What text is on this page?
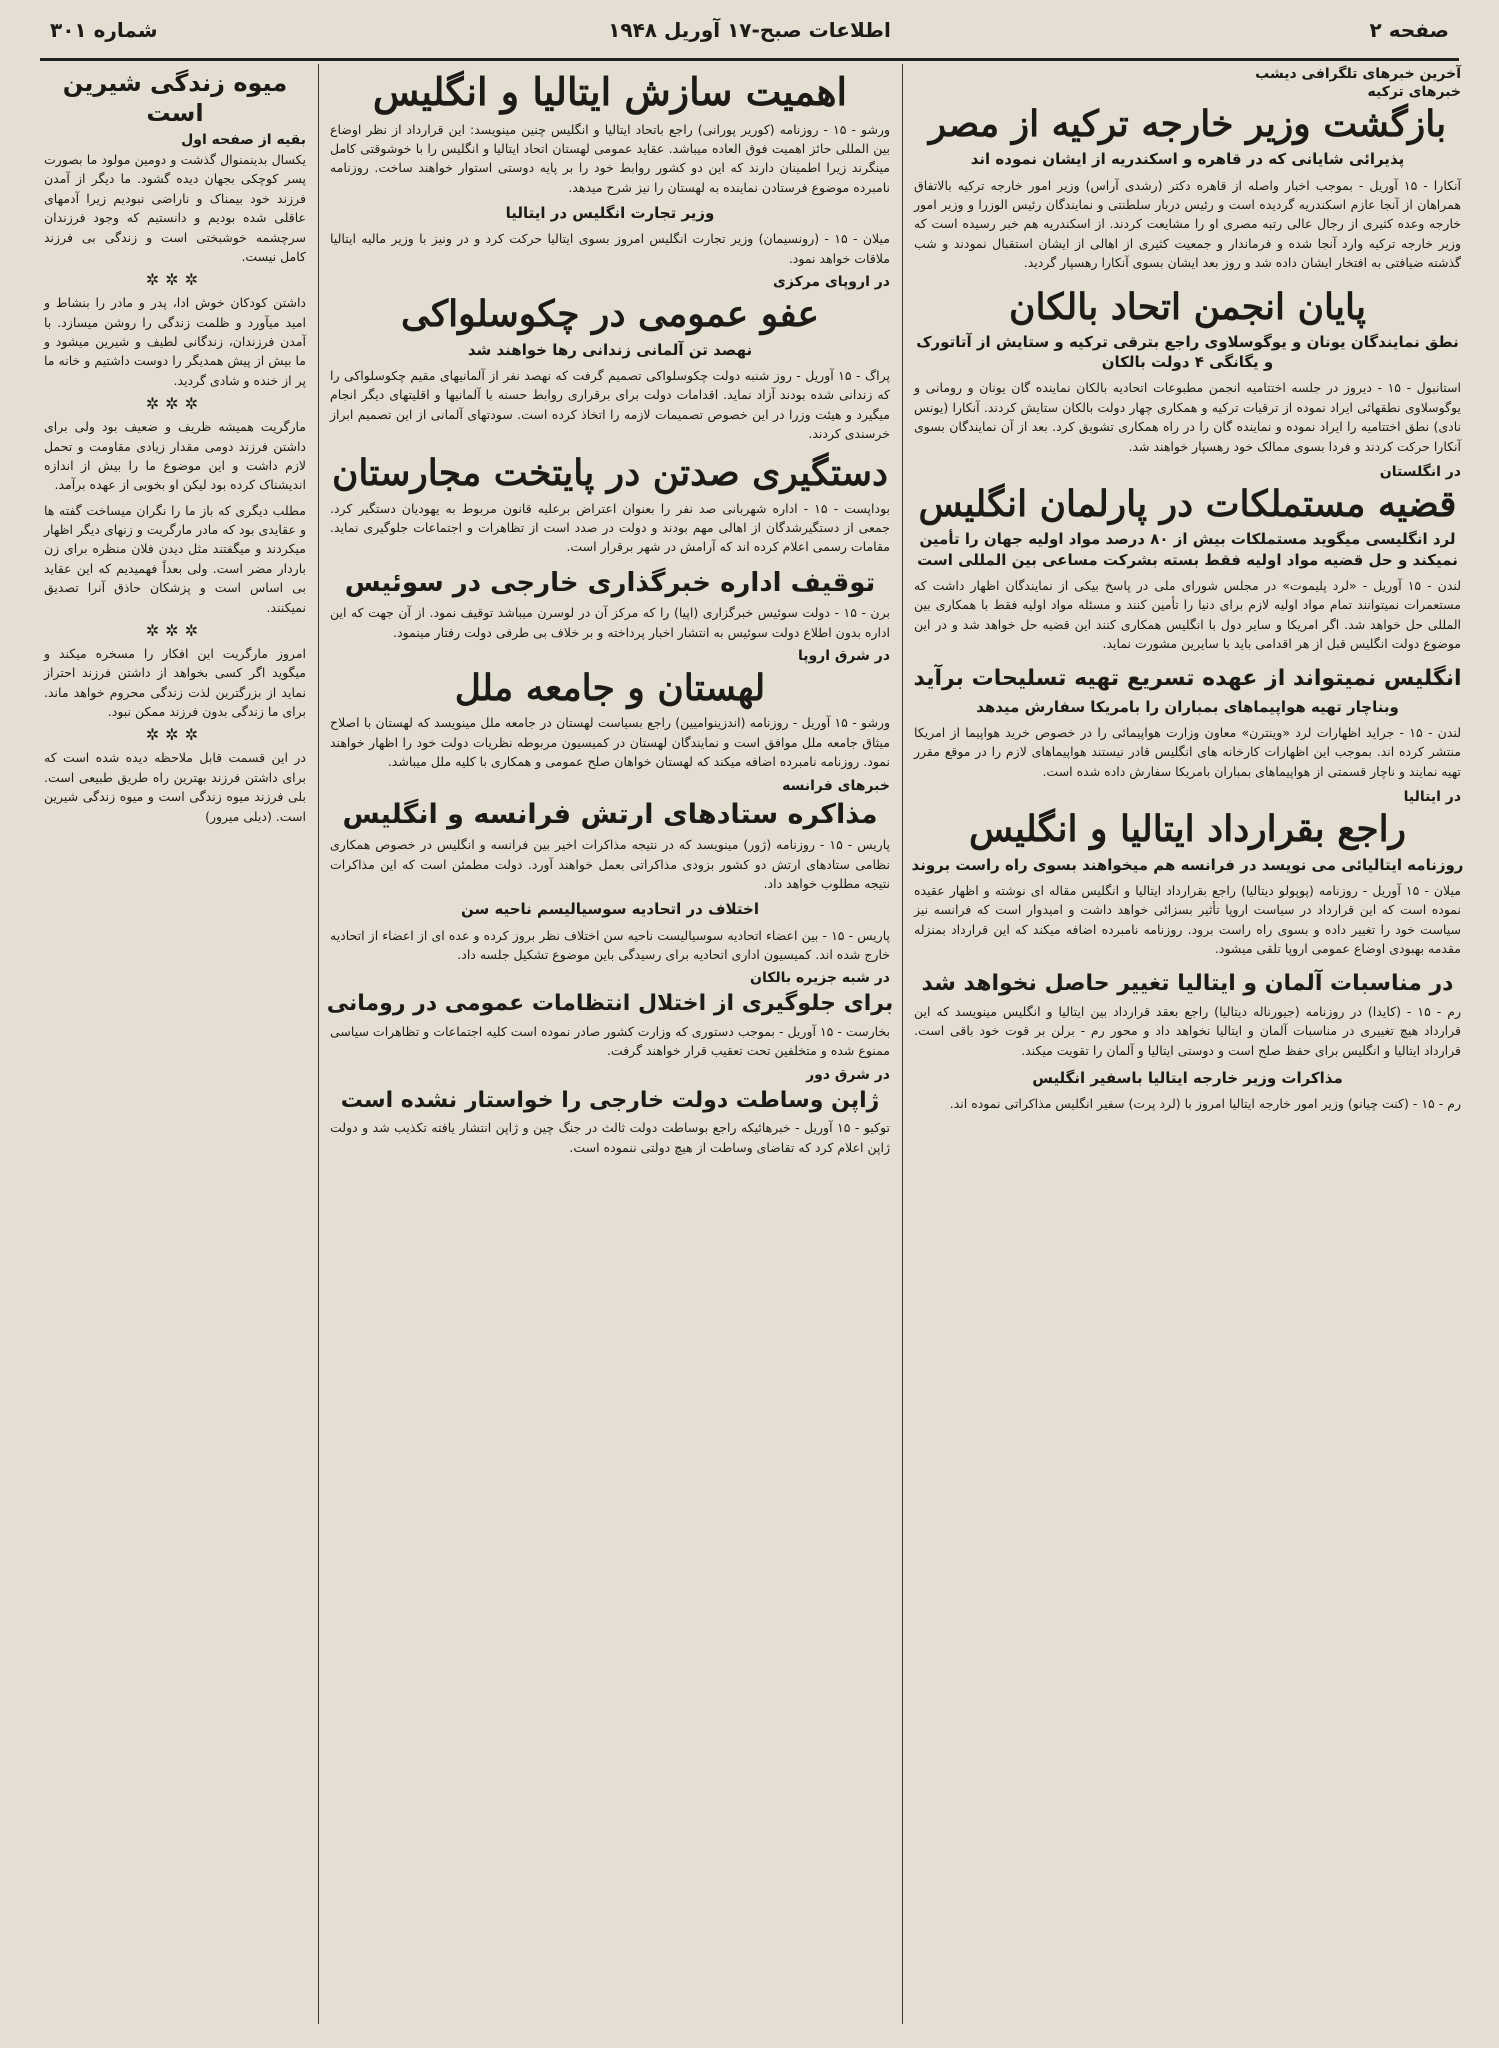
صفحه ۲
اطلاعات صبح-۱۷ آوریل ۱۹۴۸
شماره ۳۰۱
آخرین خبرهای تلگرافی دیشب
خبرهای ترکیه
بازگشت وزیر خارجه ترکیه از مصر
پذیرائی شایانی که در قاهره و اسکندریه از ایشان نموده اند
آنکارا - ۱۵ آوریل - بموجب اخبار واصله از قاهره دکتر (رشدی آراس) وزیر امور خارجه ترکیه بالاتفاق همراهان از آنجا عازم اسکندریه گردیده است و رئیس دربار سلطنتی و نمایندگان رئیس الوزرا و وزیر امور خارجه وعده کثیری از رجال عالی رتبه مصری او را مشایعت کردند. از اسکندریه هم خبر رسیده است که وزیر خارجه ترکیه وارد آنجا شده و فرماندار و جمعیت کثیری از اهالی از ایشان استقبال نمودند و شب گذشته ضیافتی به افتخار ایشان داده شد و روز بعد ایشان بسوی آنکارا رهسپار گردید.
پایان انجمن اتحاد بالکان
نطق نمایندگان یونان و یوگوسلاوی راجع بترقی ترکیه و ستایش از آتاتورک و یگانگی ۴ دولت بالکان
استانبول - ۱۵ - دیروز در جلسه اختتامیه انجمن مطبوعات اتحادیه بالکان نماینده گان یونان و رومانی و یوگوسلاوی نطقهائی ایراد نموده از ترقیات ترکیه و همکاری چهار دولت بالکان ستایش کردند. آنکارا (یونس نادی) نطق اختتامیه را ایراد نموده و نماینده گان را در راه همکاری تشویق کرد. بعد از آن نمایندگان بسوی آنکارا حرکت کردند و فردا بسوی ممالک خود رهسپار خواهند شد.
در انگلستان
قضیه مستملکات در پارلمان انگلیس
لرد انگلیسی میگوید مستملکات بیش از ۸۰ درصد مواد اولیه جهان را تأمین نمیکند و حل قضیه مواد اولیه فقط بسته بشرکت مساعی بین المللی است
لندن - ۱۵ آوریل - «لرد پلیموت» در مجلس شورای ملی در پاسخ بیکی از نمایندگان اظهار داشت که مستعمرات نمیتوانند تمام مواد اولیه لازم برای دنیا را تأمین کنند و مسئله مواد اولیه فقط با همکاری بین المللی حل خواهد شد. اگر امریکا و سایر دول با انگلیس همکاری کنند این قضیه حل خواهد شد و در این موضوع دولت انگلیس قبل از هر اقدامی باید با سایرین مشورت نماید.
انگلیس نمیتواند از عهده تسریع تهیه تسلیحات برآید
وبناچار تهیه هواپیماهای بمباران را بامریکا سفارش میدهد
لندن - ۱۵ - جراید اظهارات لرد «وینترن» معاون وزارت هواپیمائی را در خصوص خرید هواپیما از امریکا منتشر کرده اند. بموجب این اظهارات کارخانه های انگلیس قادر نیستند هواپیماهای لازم را در موقع مقرر تهیه نمایند و ناچار قسمتی از هواپیماهای بمباران بامریکا سفارش داده شده است.
در ایتالیا
راجع بقرارداد ایتالیا و انگلیس
روزنامه ایتالیائی می نویسد در فرانسه هم میخواهند بسوی راه راست بروند
میلان - ۱۵ آوریل - روزنامه (پوپولو دیتالیا) راجع بقرارداد ایتالیا و انگلیس مقاله ای نوشته و اظهار عقیده نموده است که این قرارداد در سیاست اروپا تأثیر بسزائی خواهد داشت و امیدوار است که فرانسه نیز سیاست خود را تغییر داده و بسوی راه راست برود. روزنامه نامبرده اضافه میکند که این قرارداد بمنزله مقدمه بهبودی اوضاع عمومی اروپا تلقی میشود.
در مناسبات آلمان و ایتالیا تغییر حاصل نخواهد شد
رم - ۱۵ - (کایدا) در روزنامه (جیورناله دیتالیا) راجع بعقد قرارداد بین ایتالیا و انگلیس مینویسد که این قرارداد هیچ تغییری در مناسبات آلمان و ایتالیا نخواهد داد و محور رم - برلن بر قوت خود باقی است. قرارداد ایتالیا و انگلیس برای حفظ صلح است و دوستی ایتالیا و آلمان را تقویت میکند.
مذاکرات وزیر خارجه ایتالیا باسفیر انگلیس
رم - ۱۵ - (کنت چیانو) وزیر امور خارجه ایتالیا امروز با (لرد پرت) سفیر انگلیس مذاکراتی نموده اند.
اهمیت سازش ایتالیا و انگلیس
ورشو - ۱۵ - روزنامه (کوریر پورانی) راجع باتحاد ایتالیا و انگلیس چنین مینویسد: این قرارداد از نظر اوضاع بین المللی حائز اهمیت فوق العاده میباشد. عقاید عمومی لهستان اتحاد ایتالیا و انگلیس را با خوشوقتی کامل مینگرند زیرا اطمینان دارند که این دو کشور روابط خود را بر پایه دوستی استوار خواهند ساخت. روزنامه نامبرده موضوع فرستادن نماینده به لهستان را نیز شرح میدهد.
وزیر تجارت انگلیس در ایتالیا
میلان - ۱۵ - (رونسیمان) وزیر تجارت انگلیس امروز بسوی ایتالیا حرکت کرد و در ونیز با وزیر مالیه ایتالیا ملاقات خواهد نمود.
در اروپای مرکزی
عفو عمومی در چکوسلواکی
نهصد تن آلمانی زندانی رها خواهند شد
پراگ - ۱۵ آوریل - روز شنبه دولت چکوسلواکی تصمیم گرفت که نهصد نفر از آلمانیهای مقیم چکوسلواکی را که زندانی شده بودند آزاد نماید. اقدامات دولت برای برقراری روابط حسنه با آلمانیها و اقلیتهای دیگر انجام میگیرد و هیئت وزرا در این خصوص تصمیمات لازمه را اتخاذ کرده است. سودتهای آلمانی از این تصمیم ابراز خرسندی کردند.
دستگیری صدتن در پایتخت مجارستان
بوداپست - ۱۵ - اداره شهربانی صد نفر را بعنوان اعتراض برعلیه قانون مربوط به یهودیان دستگیر کرد. جمعی از دستگیرشدگان از اهالی مهم بودند و دولت در صدد است از تظاهرات و اجتماعات جلوگیری نماید. مقامات رسمی اعلام کرده اند که آرامش در شهر برقرار است.
توقیف اداره خبرگذاری خارجی در سوئیس
برن - ۱۵ - دولت سوئیس خبرگزاری (اپیا) را که مرکز آن در لوسرن میباشد توقیف نمود. از آن جهت که این اداره بدون اطلاع دولت سوئیس به انتشار اخبار پرداخته و بر خلاف بی طرفی دولت رفتار مینمود.
در شرق اروپا
لهستان و جامعه ملل
ورشو - ۱۵ آوریل - روزنامه (اندزینوامیین) راجع بسیاست لهستان در جامعه ملل مینویسد که لهستان با اصلاح میثاق جامعه ملل موافق است و نمایندگان لهستان در کمیسیون مربوطه نظریات دولت خود را اظهار خواهند نمود. روزنامه نامبرده اضافه میکند که لهستان خواهان صلح عمومی و همکاری با کلیه ملل میباشد.
خبرهای فرانسه
مذاکره ستادهای ارتش فرانسه و انگلیس
پاریس - ۱۵ - روزنامه (ژور) مینویسد که در نتیجه مذاکرات اخیر بین فرانسه و انگلیس در خصوص همکاری نظامی ستادهای ارتش دو کشور بزودی مذاکراتی بعمل خواهند آورد. دولت مطمئن است که این مذاکرات نتیجه مطلوب خواهد داد.
اختلاف در اتحادیه سوسیالیسم ناحیه سن
پاریس - ۱۵ - بین اعضاء اتحادیه سوسیالیست ناحیه سن اختلاف نظر بروز کرده و عده ای از اعضاء از اتحادیه خارج شده اند. کمیسیون اداری اتحادیه برای رسیدگی باین موضوع تشکیل جلسه داد.
در شبه جزیره بالکان
برای جلوگیری از اختلال انتظامات عمومی در رومانی
بخارست - ۱۵ آوریل - بموجب دستوری که وزارت کشور صادر نموده است کلیه اجتماعات و تظاهرات سیاسی ممنوع شده و متخلفین تحت تعقیب قرار خواهند گرفت.
در شرق دور
ژاپن وساطت دولت خارجی را خواستار نشده است
توکیو - ۱۵ آوریل - خبرهائیکه راجع بوساطت دولت ثالث در جنگ چین و ژاپن انتشار یافته تکذیب شد و دولت ژاپن اعلام کرد که تقاضای وساطت از هیچ دولتی ننموده است.
میوه زندگی شیرین است
بقیه از صفحه اول
یکسال بدینمنوال گذشت و دومین مولود ما بصورت پسر کوچکی بجهان دیده گشود. ما دیگر از آمدن فرزند خود بیمناک و ناراضی نبودیم زیرا آدمهای عاقلی شده بودیم و دانستیم که وجود فرزندان سرچشمه خوشبختی است و زندگی بی فرزند کامل نیست.
✲✲✲
داشتن کودکان خوش ادا، پدر و مادر را بنشاط و امید میآورد و ظلمت زندگی را روشن میسازد. با آمدن فرزندان، زندگانی لطیف و شیرین میشود و ما بیش از پیش همدیگر را دوست داشتیم و خانه ما پر از خنده و شادی گردید.
✲✲✲
مارگریت همیشه ظریف و ضعیف بود ولی برای داشتن فرزند دومی مقدار زیادی مقاومت و تحمل لازم داشت و این موضوع ما را بیش از اندازه اندیشناک کرده بود لیکن او بخوبی از عهده برآمد.
مطلب دیگری که باز ما را نگران میساخت گفته ها و عقایدی بود که مادر مارگریت و زنهای دیگر اظهار میکردند و میگفتند مثل دیدن فلان منظره برای زن باردار مضر است. ولی بعداً فهمیدیم که این عقاید بی اساس است و پزشکان حاذق آنرا تصدیق نمیکنند.
✲✲✲
امروز مارگریت این افکار را مسخره میکند و میگوید اگر کسی بخواهد از داشتن فرزند احتراز نماید از بزرگترین لذت زندگی محروم خواهد ماند. برای ما زندگی بدون فرزند ممکن نبود.
✲✲✲
در این قسمت قابل ملاحظه دیده شده است که برای داشتن فرزند بهترین راه طریق طبیعی است. بلی فرزند میوه زندگی است و میوه زندگی شیرین است. (دیلی میرور)
